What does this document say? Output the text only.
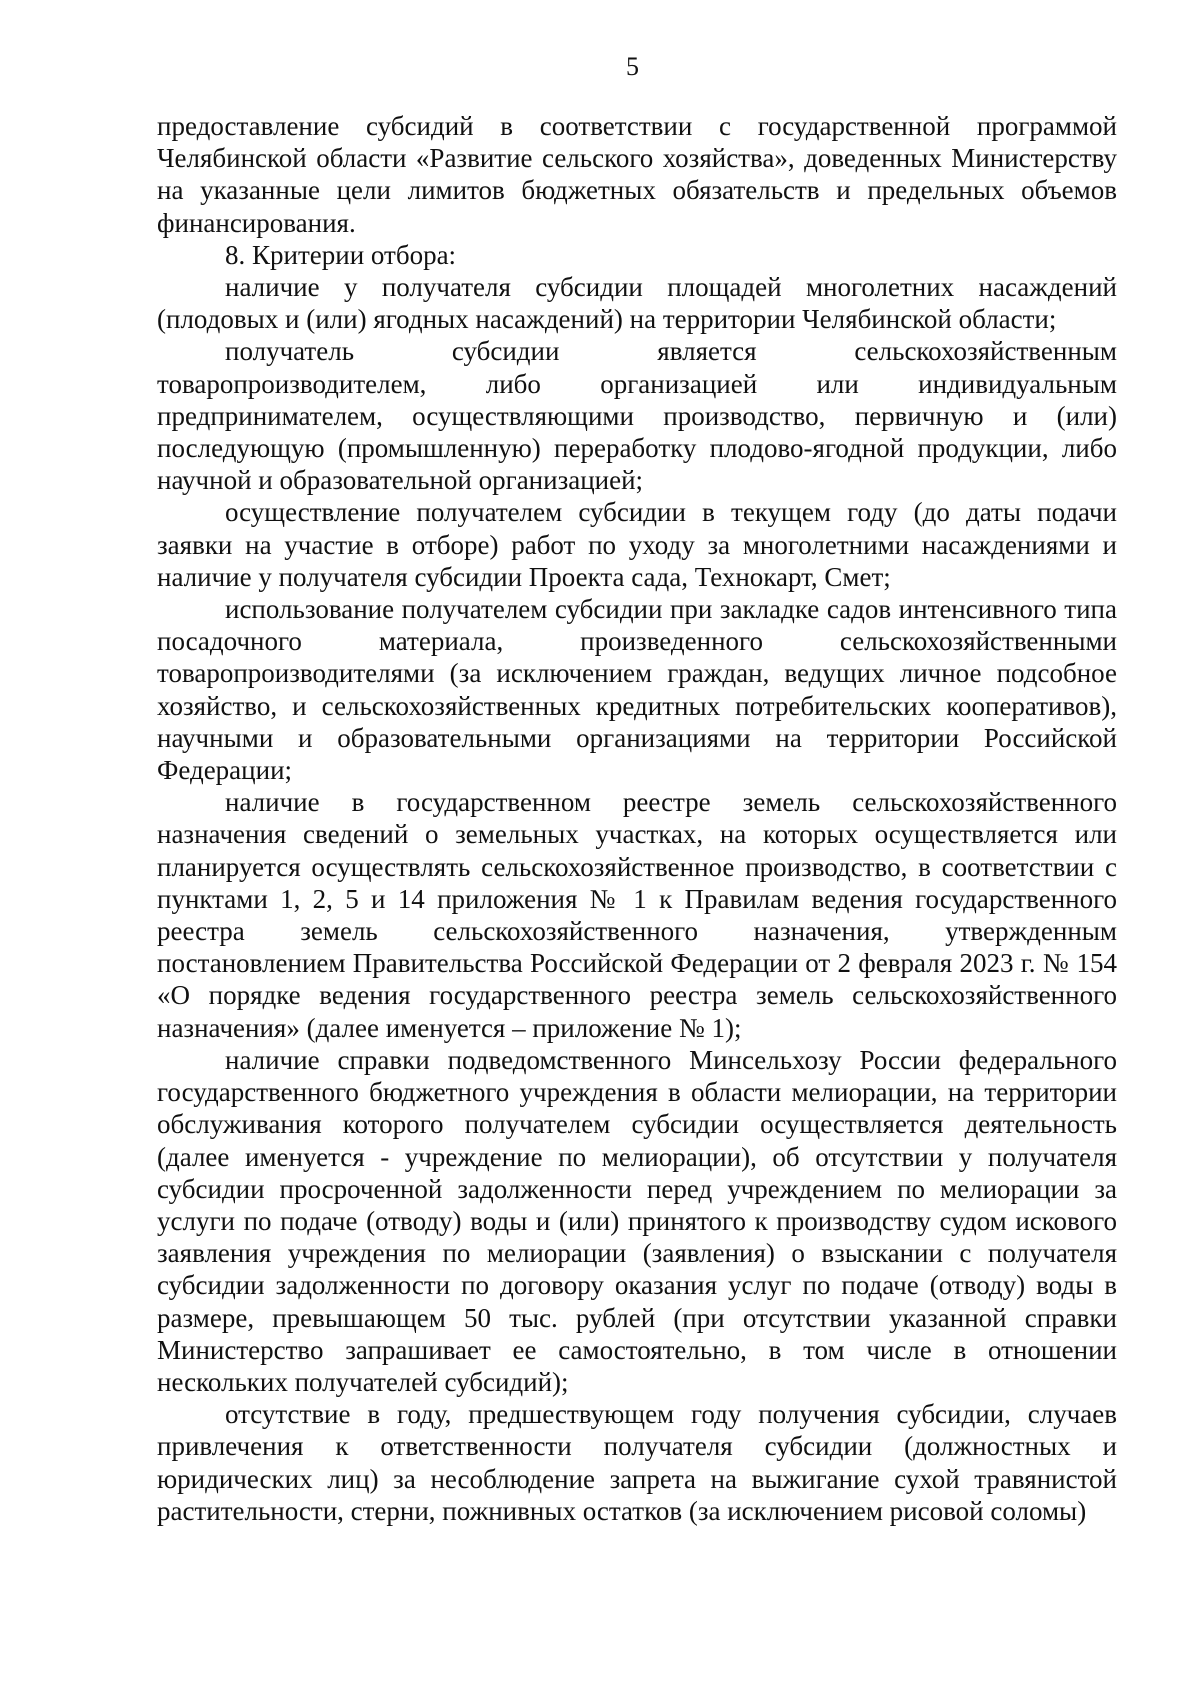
5

предоставление субсидий в соответствии с государственной программой Челябинской области «Развитие сельского хозяйства», доведенных Министерству на указанные цели лимитов бюджетных обязательств и предельных объемов финансирования.

8. Критерии отбора:

наличие у получателя субсидии площадей многолетних насаждений (плодовых и (или) ягодных насаждений) на территории Челябинской области;

получатель субсидии является сельскохозяйственным товаропроизводителем, либо организацией или индивидуальным предпринимателем, осуществляющими производство, первичную и (или) последующую (промышленную) переработку плодово-ягодной продукции, либо научной и образовательной организацией;

осуществление получателем субсидии в текущем году (до даты подачи заявки на участие в отборе) работ по уходу за многолетними насаждениями и наличие у получателя субсидии Проекта сада, Технокарт, Смет;

использование получателем субсидии при закладке садов интенсивного типа посадочного материала, произведенного сельскохозяйственными товаропроизводителями (за исключением граждан, ведущих личное подсобное хозяйство, и сельскохозяйственных кредитных потребительских кооперативов), научными и образовательными организациями на территории Российской Федерации;

наличие в государственном реестре земель сельскохозяйственного назначения сведений о земельных участках, на которых осуществляется или планируется осуществлять сельскохозяйственное производство, в соответствии с пунктами 1, 2, 5 и 14 приложения № 1 к Правилам ведения государственного реестра земель сельскохозяйственного назначения, утвержденным постановлением Правительства Российской Федерации от 2 февраля 2023 г. № 154 «О порядке ведения государственного реестра земель сельскохозяйственного назначения» (далее именуется – приложение № 1);

наличие справки подведомственного Минсельхозу России федерального государственного бюджетного учреждения в области мелиорации, на территории обслуживания которого получателем субсидии осуществляется деятельность (далее именуется - учреждение по мелиорации), об отсутствии у получателя субсидии просроченной задолженности перед учреждением по мелиорации за услуги по подаче (отводу) воды и (или) принятого к производству судом искового заявления учреждения по мелиорации (заявления) о взыскании с получателя субсидии задолженности по договору оказания услуг по подаче (отводу) воды в размере, превышающем 50 тыс. рублей (при отсутствии указанной справки Министерство запрашивает ее самостоятельно, в том числе в отношении нескольких получателей субсидий);

отсутствие в году, предшествующем году получения субсидии, случаев привлечения к ответственности получателя субсидии (должностных и юридических лиц) за несоблюдение запрета на выжигание сухой травянистой растительности, стерни, пожнивных остатков (за исключением рисовой соломы)
